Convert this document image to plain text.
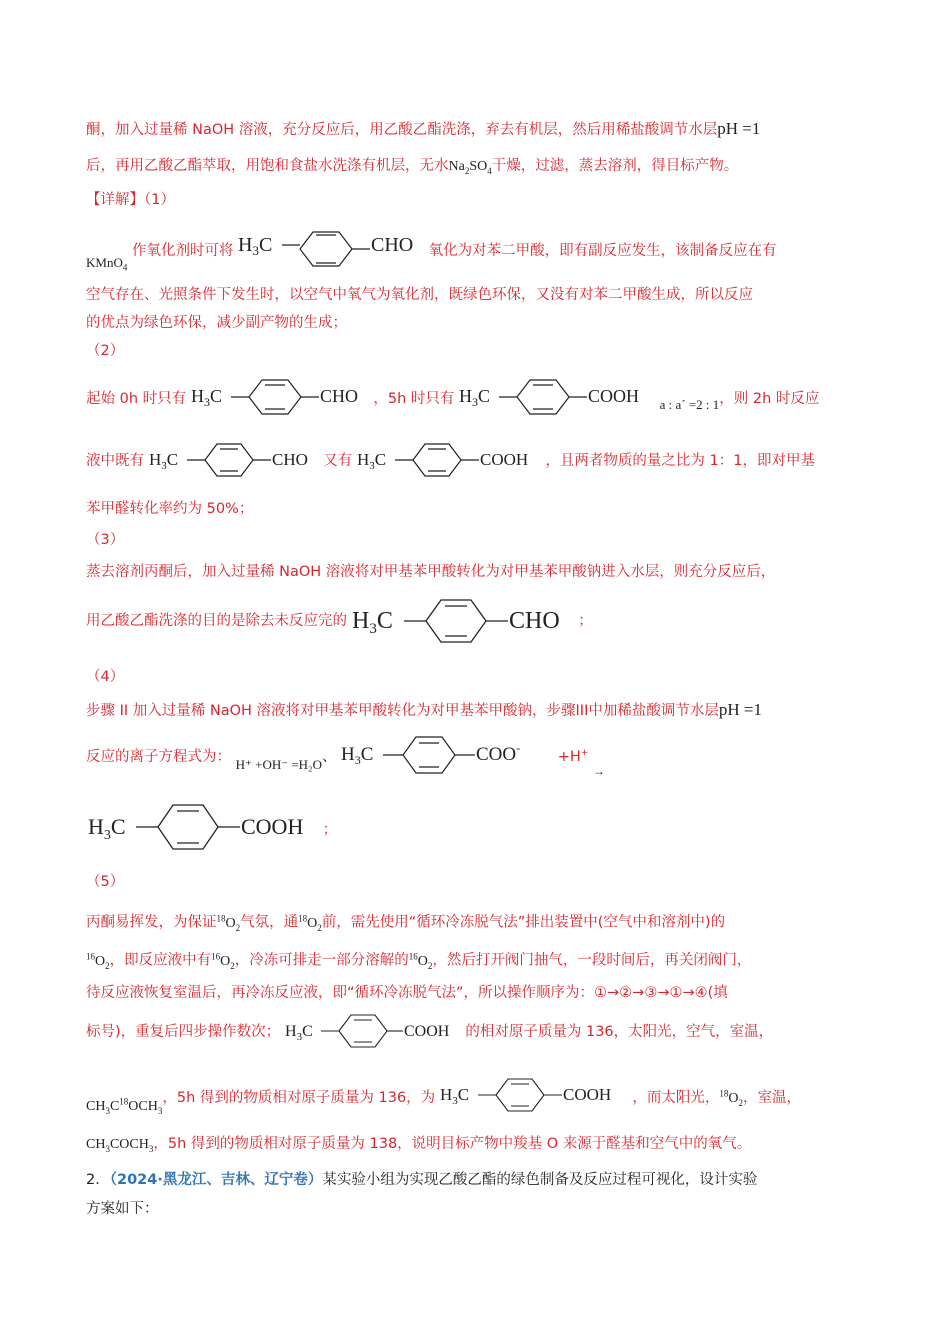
酮，加入过量稀 NaOH 溶液，充分反应后，用乙酸乙酯洗涤，弃去有机层，然后用稀盐酸调节水层pH =1
后，再用乙酸乙酯萃取，用饱和食盐水洗涤有机层，无水$Na_2SO_4$干燥，过滤，蒸去溶剂，得目标产物。
【详解】（1）
KMnO$_4$ 作氧化剂时可将 $H_3C$	CHO 氧化为对苯二甲酸，即有副反应发生，该制备反应在有
空气存在、光照条件下发生时，以空气中氧气为氧化剂，既绿色环保，又没有对苯二甲酸生成，所以反应
的优点为绿色环保，减少副产物的生成；
（2）
起始 0h 时只有 $H_3C$	CHO ，5h 时只有 $H_3C$	COOH a : a´ =2 : 1，则 2h 时反应
液中既有 $H_3C$	CHO 又有 $H_3C$	COOH ，且两者物质的量之比为 1：1，即对甲基
苯甲醛转化率约为 50%；
（3）
蒸去溶剂丙酮后，加入过量稀 NaOH 溶液将对甲基苯甲酸转化为对甲基苯甲酸钠进入水层，则充分反应后，
用乙酸乙酯洗涤的目的是除去未反应完的 $H_3C$	CHO ；
（4）
步骤 II 加入过量稀 NaOH 溶液将对甲基苯甲酸转化为对甲基苯甲酸钠，步骤III中加稀盐酸调节水层pH =1
反应的离子方程式为： H⁺ +OH⁻ =H₂O、 $H_3C$	COO-
+H+ $_\to$
$H_3C$	COOH ；
（5）
丙酮易挥发，为保证$^{18}O_2$气氛，通$^{18}O_2$前，需先使用“循环冷冻脱气法”排出装置中(空气中和溶剂中)的
$^{16}O_2$，即反应液中有$^{16}O_2$，冷冻可排走一部分溶解的$^{16}O_2$，然后打开阀门抽气，一段时间后，再关闭阀门，
待反应液恢复室温后，再冷冻反应液，即“循环冷冻脱气法”，所以操作顺序为：①→②→③→①→④(填
标号)，重复后四步操作数次； $H_3C$	COOH 的相对原子质量为 136，太阳光，空气，室温，
$CH_3C^{18}OCH_3$，5h 得到的物质相对原子质量为 136，为 $H_3C$	COOH ，而太阳光，$^{18}O_2$，室温，
$CH_3COCH_3$，5h 得到的物质相对原子质量为 138，说明目标产物中羧基 O 来源于醛基和空气中的氧气。
2．（2024·黑龙江、吉林、辽宁卷）某实验小组为实现乙酸乙酯的绿色制备及反应过程可视化，设计实验
方案如下：
